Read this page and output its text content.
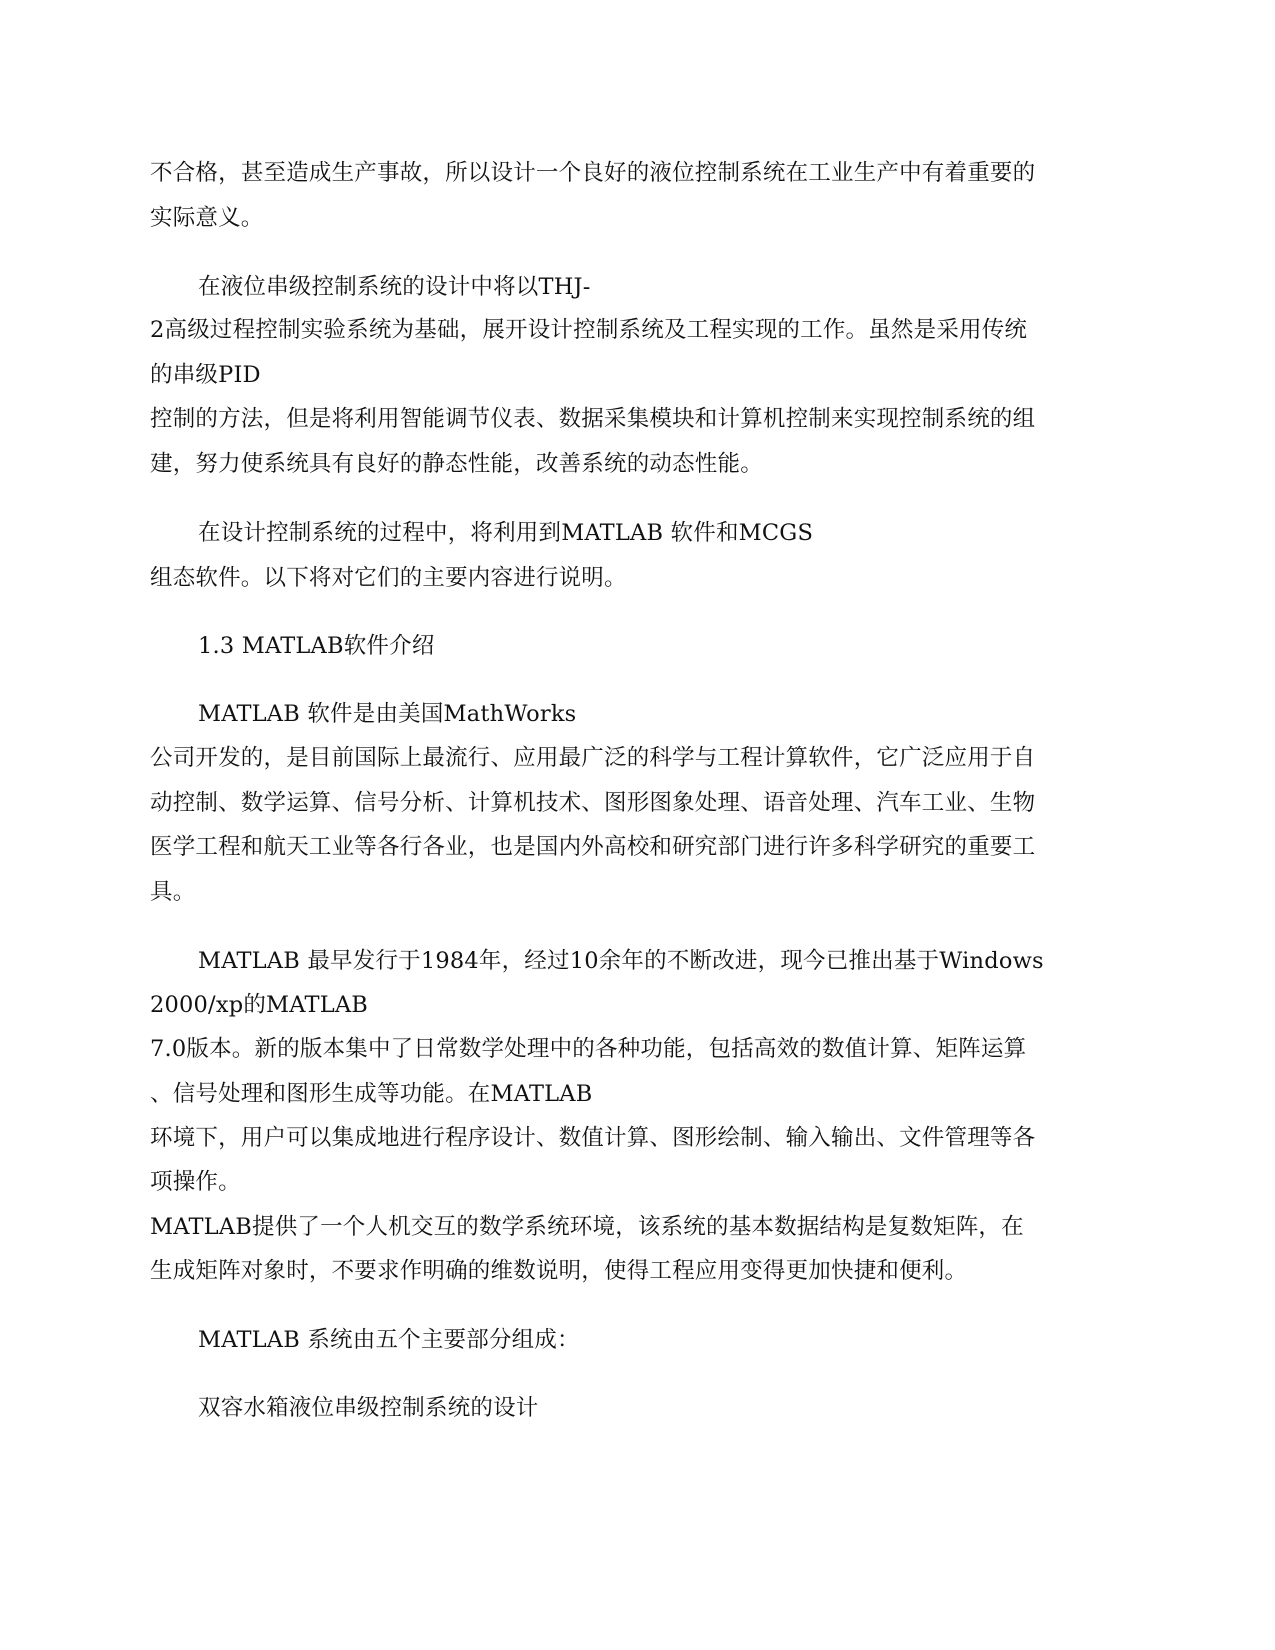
不合格，甚至造成生产事故，所以设计一个良好的液位控制系统在工业生产中有着重要的

实际意义。

在液位串级控制系统的设计中将以THJ-

2高级过程控制实验系统为基础，展开设计控制系统及工程实现的工作。虽然是采用传统

的串级PID

控制的方法，但是将利用智能调节仪表、数据采集模块和计算机控制来实现控制系统的组

建，努力使系统具有良好的静态性能，改善系统的动态性能。

在设计控制系统的过程中，将利用到MATLAB 软件和MCGS

组态软件。以下将对它们的主要内容进行说明。

1.3 MATLAB软件介绍

MATLAB 软件是由美国MathWorks

公司开发的，是目前国际上最流行、应用最广泛的科学与工程计算软件，它广泛应用于自

动控制、数学运算、信号分析、计算机技术、图形图象处理、语音处理、汽车工业、生物

医学工程和航天工业等各行各业，也是国内外高校和研究部门进行许多科学研究的重要工

具。

MATLAB 最早发行于1984年，经过10余年的不断改进，现今已推出基于Windows

2000/xp的MATLAB

7.0版本。新的版本集中了日常数学处理中的各种功能，包括高效的数值计算、矩阵运算

、信号处理和图形生成等功能。在MATLAB

环境下，用户可以集成地进行程序设计、数值计算、图形绘制、输入输出、文件管理等各

项操作。

MATLAB提供了一个人机交互的数学系统环境，该系统的基本数据结构是复数矩阵，在

生成矩阵对象时，不要求作明确的维数说明，使得工程应用变得更加快捷和便利。

MATLAB 系统由五个主要部分组成：

双容水箱液位串级控制系统的设计
